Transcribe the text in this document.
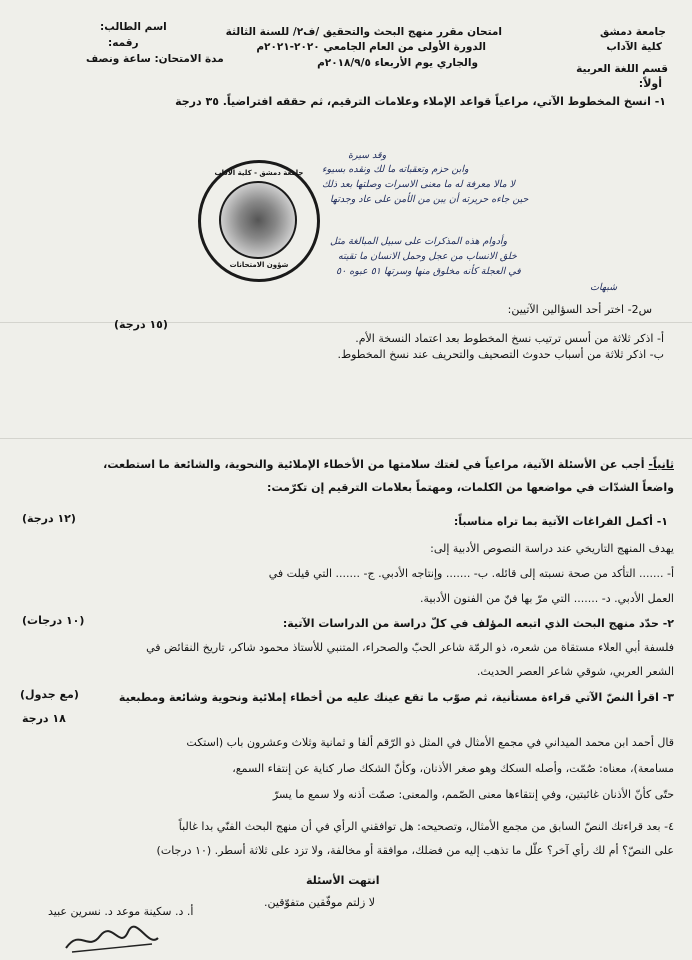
جامعة دمشق
كلية الآداب
قسم اللغة العربية
امتحان مقرر منهج البحث والتحقيق /ف٢/ للسنة الثالثة
الدورة الأولى من العام الجامعي ٢٠٢٠-٢٠٢١م
والجاري يوم الأربعاء ٢٠١٨/٩/٥م
اسم الطالب:
رقمه:
مدة الامتحان: ساعة ونصف
أولاً:
١- انسخ المخطوط الآتي، مراعياً قواعد الإملاء وعلامات الترقيم، ثم حققه افتراضياً. ٣٥ درجة
وقد سيرة
وابن حزم وتعقباته ما لك ونقده بسيوء
لا مالا معرفة له ما معنى الاسرات وصلتها بعد ذلك
حين جاءه حريرته أن يبن من الأمن على عاد وجدتها
وأدوام هذه المذكرات على سبيل المبالغة مثل
خلق الانساب من عجل وحمل الانسان ما تقيته
في العجلة كأنه مخلوق منها وسرتها ٥١ عبوه ٥٠
شبهات
جامعة دمشق - كلية الآداب
شؤون الامتحانات
س2- اختر أحد السؤالين الآتيين:
(١٥ درجة)
أ- اذكر ثلاثة من أسس ترتيب نسخ المخطوط بعد اعتماد النسخة الأم.
ب- اذكر ثلاثة من أسباب حدوث التصحيف والتحريف عند نسخ المخطوط.
ثانياً- أجب عن الأسئلة الآتية، مراعياً في لغتك سلامتها من الأخطاء الإملائية والنحوية، والشائعة ما استطعت،
واضعاً الشدّات في مواضعها من الكلمات، ومهتماً بعلامات الترقيم إن تكرّمت:
١- أكمل الفراغات الآتية بما تراه مناسباً:
(١٢ درجة)
يهدف المنهج التاريخي عند دراسة النصوص الأدبية إلى:
أ- ....... التأكد من صحة نسبته إلى قائله. ب- ....... وإنتاجه الأدبي. ج- ....... التي قيلت في
العمل الأدبي. د- ....... التي مرّ بها فنّ من الفنون الأدبية.
٢- حدّد منهج البحث الذي اتبعه المؤلف في كلّ دراسة من الدراسات الآتية:
(١٠ درجات)
فلسفة أبي العلاء مستقاة من شعره، ذو الرمّة شاعر الحبّ والصحراء، المتنبي للأستاذ محمود شاكر، تاريخ النقائض في
الشعر العربي، شوقي شاعر العصر الحديث.
٣- اقرأ النصّ الآتي قراءة مستأنية، ثم صوّب ما تقع عينك عليه من أخطاء إملائية ونحوية وشائعة ومطبعية
(مع جدول)
١٨ درجة
قال أحمد ابن محمد الميداني في مجمع الأمثال في المثل ذو الرّقم ألفا و ثمانية وثلاث وعشرون باب (استكت
مسامعة)، معناه: صُمّت، وأصله السكك وهو صغر الأذنان، وكأنّ الشكك صار كناية عن إنتفاء السمع،
حتّى كأنّ الأذنان غائبتين، وفي إنتقاءها معنى الصّمم، والمعنى: صمّت أذنه ولا سمع ما يسرّ
٤- بعد قراءتك النصّ السابق من مجمع الأمثال، وتصحيحه: هل توافقني الرأي في أن منهج البحث الفنّي بدا غالباً
على النصّ؟ أم لك رأي آخر؟ علّل ما تذهب إليه من فضلك، موافقة أو مخالفة، ولا تزد على ثلاثة أسطر. (١٠ درجات)
انتهت الأسئلة
لا زلتم موفّقين متفوّقين.
أ. د. سكينة موعد د. نسرين عبيد
